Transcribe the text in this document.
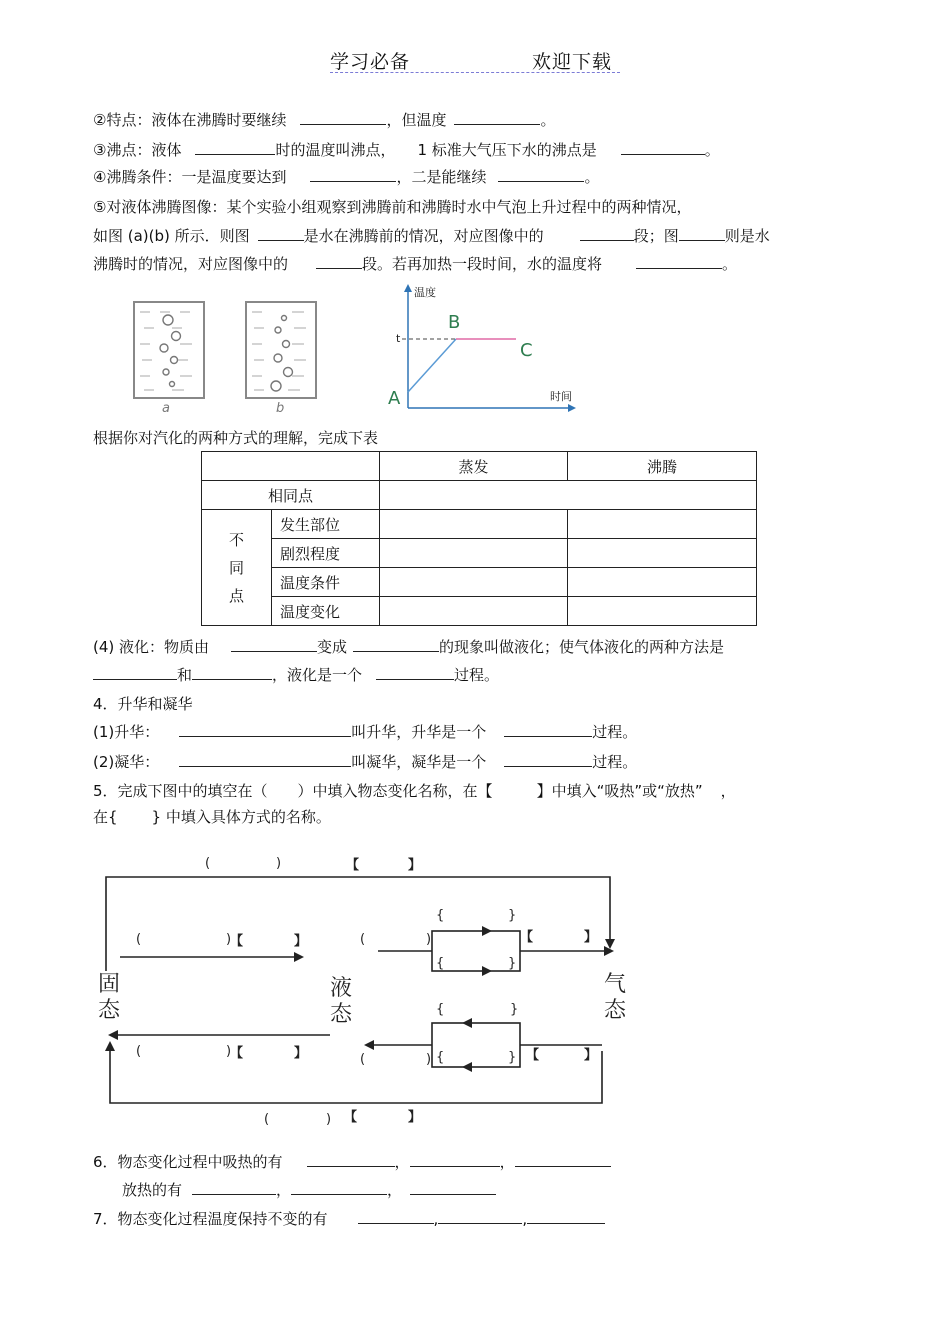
学习必备	欢迎下载
②特点：液体在沸腾时要继续	，但温度	。
③沸点：液体	时的温度叫沸点， 1 标准大气压下水的沸点是	。
④沸腾条件：一是温度要达到	，二是能继续	。
⑤对液体沸腾图像：某个实验小组观察到沸腾前和沸腾时水中气泡上升过程中的两种情况，
如图 (a)(b) 所示．则图	是水在沸腾前的情况，对应图像中的	段；图	则是水
沸腾时的情况，对应图像中的	段。若再加热一段时间，水的温度将	。
a	b
温度
时间
t
A
B
C
根据你对汽化的两种方式的理解，完成下表
		蒸发	沸腾
相同点			

不
同
点	发生部位		
	剧烈程度		
	温度条件		
	温度变化		
(4) 液化：物质由	变成	的现象叫做液化；使气体液化的两种方法是
和	，液化是一个	过程。
4．升华和凝华
(1)升华：	叫升华，升华是一个	过程。
(2)凝华：	叫凝华，凝华是一个	过程。
5．完成下图中的填空在（ ）中填入物态变化名称，在【	】中填入“吸热”或“放热” ，
在{ } 中填入具体方式的名称。
固
态
液
态
气
态
(	)	【	】
(	)
【	】	(	)
{	}
{	}
【	】
{	}
(	) {	} 【	】
(	)
【	】
(	) 【	】
6．物态变化过程中吸热的有	，	，
放热的有	，	，
7．物态变化过程温度保持不变的有	,	,
